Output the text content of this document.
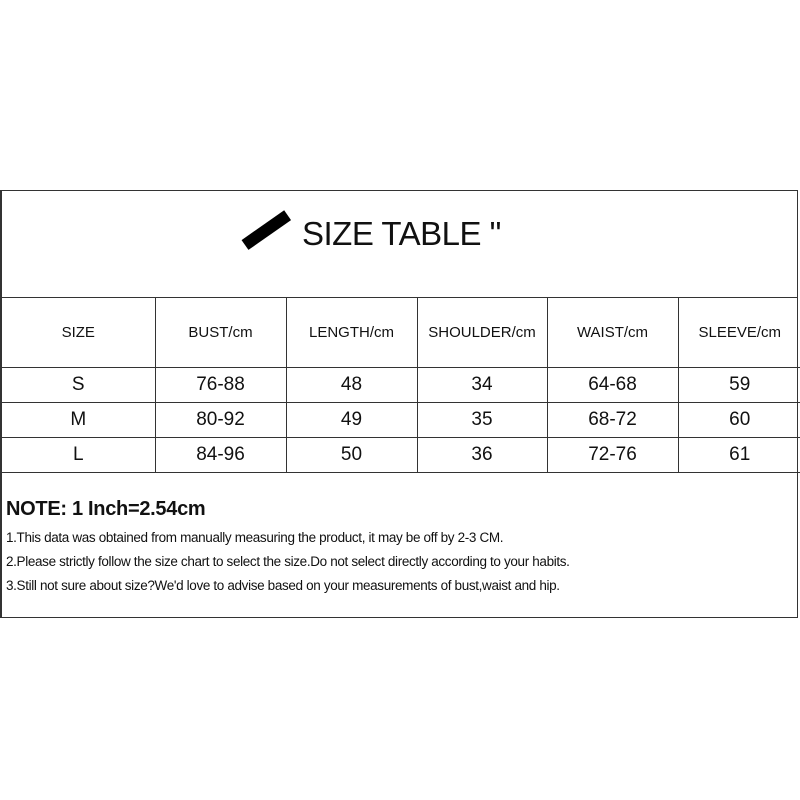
SIZE TABLE "
SIZE	BUST/cm	LENGTH/cm	SHOULDER/cm	WAIST/cm	SLEEVE/cm
S	76-88	48	34	64-68	59
M	80-92	49	35	68-72	60
L	84-96	50	36	72-76	61
NOTE: 1 Inch=2.54cm
1.This data was obtained from manually measuring the product, it may be off by 2-3 CM.
2.Please strictly follow the size chart to select the size.Do not select directly according to your habits.
3.Still not sure about size?We'd love to advise based on your measurements of bust,waist and hip.
